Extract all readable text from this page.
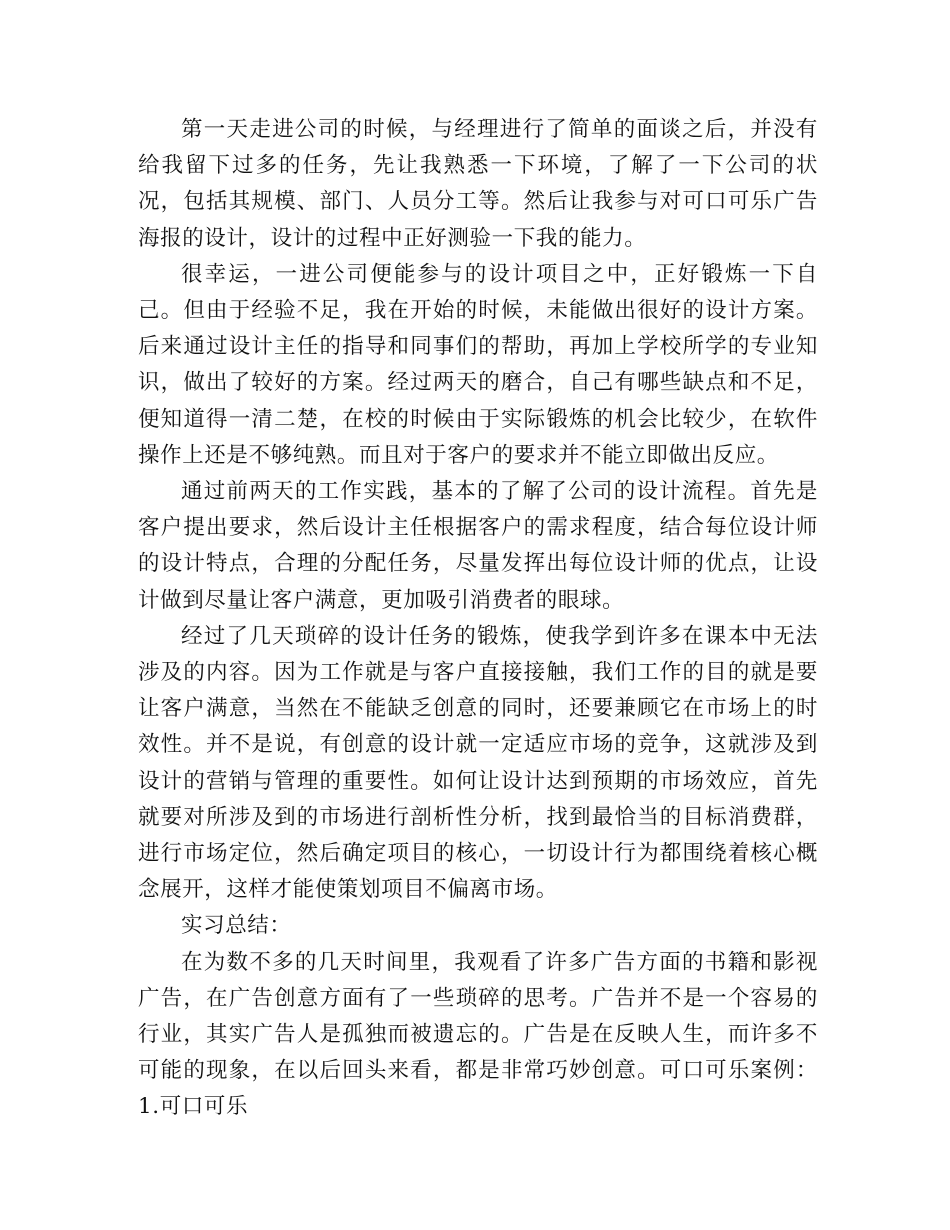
第一天走进公司的时候，与经理进行了简单的面谈之后，并没有给我留下过多的任务，先让我熟悉一下环境，了解了一下公司的状况，包括其规模、部门、人员分工等。然后让我参与对可口可乐广告海报的设计，设计的过程中正好测验一下我的能力。

很幸运，一进公司便能参与的设计项目之中，正好锻炼一下自己。但由于经验不足，我在开始的时候，未能做出很好的设计方案。后来通过设计主任的指导和同事们的帮助，再加上学校所学的专业知识，做出了较好的方案。经过两天的磨合，自己有哪些缺点和不足，便知道得一清二楚，在校的时候由于实际锻炼的机会比较少，在软件操作上还是不够纯熟。而且对于客户的要求并不能立即做出反应。

通过前两天的工作实践，基本的了解了公司的设计流程。首先是客户提出要求，然后设计主任根据客户的需求程度，结合每位设计师的设计特点，合理的分配任务，尽量发挥出每位设计师的优点，让设计做到尽量让客户满意，更加吸引消费者的眼球。

经过了几天琐碎的设计任务的锻炼，使我学到许多在课本中无法涉及的内容。因为工作就是与客户直接接触，我们工作的目的就是要让客户满意，当然在不能缺乏创意的同时，还要兼顾它在市场上的时效性。并不是说，有创意的设计就一定适应市场的竞争，这就涉及到设计的营销与管理的重要性。如何让设计达到预期的市场效应，首先就要对所涉及到的市场进行剖析性分析，找到最恰当的目标消费群，进行市场定位，然后确定项目的核心，一切设计行为都围绕着核心概念展开，这样才能使策划项目不偏离市场。

实习总结：

在为数不多的几天时间里，我观看了许多广告方面的书籍和影视广告，在广告创意方面有了一些琐碎的思考。广告并不是一个容易的行业，其实广告人是孤独而被遗忘的。广告是在反映人生，而许多不可能的现象，在以后回头来看，都是非常巧妙创意。可口可乐案例：1.可口可乐
